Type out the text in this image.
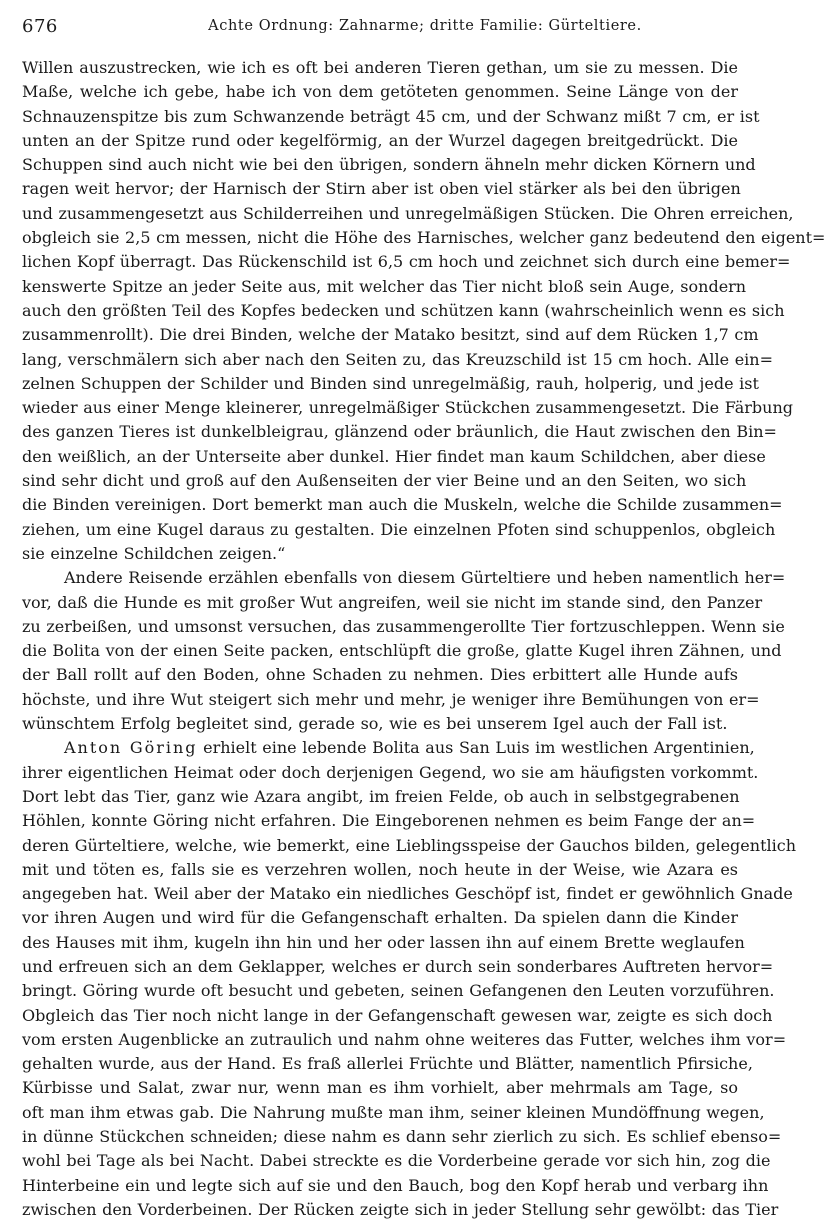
676	Achte Ordnung: Zahnarme; dritte Familie: Gürteltiere.
Willen auszustrecken, wie ich es oft bei anderen Tieren gethan, um sie zu messen. Die
Maße, welche ich gebe, habe ich von dem getöteten genommen. Seine Länge von der
Schnauzenspitze bis zum Schwanzende beträgt 45 cm, und der Schwanz mißt 7 cm, er ist
unten an der Spitze rund oder kegelförmig, an der Wurzel dagegen breitgedrückt. Die
Schuppen sind auch nicht wie bei den übrigen, sondern ähneln mehr dicken Körnern und
ragen weit hervor; der Harnisch der Stirn aber ist oben viel stärker als bei den übrigen
und zusammengesetzt aus Schilderreihen und unregelmäßigen Stücken. Die Ohren erreichen,
obgleich sie 2,5 cm messen, nicht die Höhe des Harnisches, welcher ganz bedeutend den eigent=
lichen Kopf überragt. Das Rückenschild ist 6,5 cm hoch und zeichnet sich durch eine bemer=
kenswerte Spitze an jeder Seite aus, mit welcher das Tier nicht bloß sein Auge, sondern
auch den größten Teil des Kopfes bedecken und schützen kann (wahrscheinlich wenn es sich
zusammenrollt). Die drei Binden, welche der Matako besitzt, sind auf dem Rücken 1,7 cm
lang, verschmälern sich aber nach den Seiten zu, das Kreuzschild ist 15 cm hoch. Alle ein=
zelnen Schuppen der Schilder und Binden sind unregelmäßig, rauh, holperig, und jede ist
wieder aus einer Menge kleinerer, unregelmäßiger Stückchen zusammengesetzt. Die Färbung
des ganzen Tieres ist dunkelbleigrau, glänzend oder bräunlich, die Haut zwischen den Bin=
den weißlich, an der Unterseite aber dunkel. Hier findet man kaum Schildchen, aber diese
sind sehr dicht und groß auf den Außenseiten der vier Beine und an den Seiten, wo sich
die Binden vereinigen. Dort bemerkt man auch die Muskeln, welche die Schilde zusammen=
ziehen, um eine Kugel daraus zu gestalten. Die einzelnen Pfoten sind schuppenlos, obgleich
sie einzelne Schildchen zeigen.“
Andere Reisende erzählen ebenfalls von diesem Gürteltiere und heben namentlich her=
vor, daß die Hunde es mit großer Wut angreifen, weil sie nicht im stande sind, den Panzer
zu zerbeißen, und umsonst versuchen, das zusammengerollte Tier fortzuschleppen. Wenn sie
die Bolita von der einen Seite packen, entschlüpft die große, glatte Kugel ihren Zähnen, und
der Ball rollt auf den Boden, ohne Schaden zu nehmen. Dies erbittert alle Hunde aufs
höchste, und ihre Wut steigert sich mehr und mehr, je weniger ihre Bemühungen von er=
wünschtem Erfolg begleitet sind, gerade so, wie es bei unserem Igel auch der Fall ist.
Anton Göring erhielt eine lebende Bolita aus San Luis im westlichen Argentinien,
ihrer eigentlichen Heimat oder doch derjenigen Gegend, wo sie am häufigsten vorkommt.
Dort lebt das Tier, ganz wie Azara angibt, im freien Felde, ob auch in selbstgegrabenen
Höhlen, konnte Göring nicht erfahren. Die Eingeborenen nehmen es beim Fange der an=
deren Gürteltiere, welche, wie bemerkt, eine Lieblingsspeise der Gauchos bilden, gelegentlich
mit und töten es, falls sie es verzehren wollen, noch heute in der Weise, wie Azara es
angegeben hat. Weil aber der Matako ein niedliches Geschöpf ist, findet er gewöhnlich Gnade
vor ihren Augen und wird für die Gefangenschaft erhalten. Da spielen dann die Kinder
des Hauses mit ihm, kugeln ihn hin und her oder lassen ihn auf einem Brette weglaufen
und erfreuen sich an dem Geklapper, welches er durch sein sonderbares Auftreten hervor=
bringt. Göring wurde oft besucht und gebeten, seinen Gefangenen den Leuten vorzuführen.
Obgleich das Tier noch nicht lange in der Gefangenschaft gewesen war, zeigte es sich doch
vom ersten Augenblicke an zutraulich und nahm ohne weiteres das Futter, welches ihm vor=
gehalten wurde, aus der Hand. Es fraß allerlei Früchte und Blätter, namentlich Pfirsiche,
Kürbisse und Salat, zwar nur, wenn man es ihm vorhielt, aber mehrmals am Tage, so
oft man ihm etwas gab. Die Nahrung mußte man ihm, seiner kleinen Mundöffnung wegen,
in dünne Stückchen schneiden; diese nahm es dann sehr zierlich zu sich. Es schlief ebenso=
wohl bei Tage als bei Nacht. Dabei streckte es die Vorderbeine gerade vor sich hin, zog die
Hinterbeine ein und legte sich auf sie und den Bauch, bog den Kopf herab und verbarg ihn
zwischen den Vorderbeinen. Der Rücken zeigte sich in jeder Stellung sehr gewölbt: das Tier
